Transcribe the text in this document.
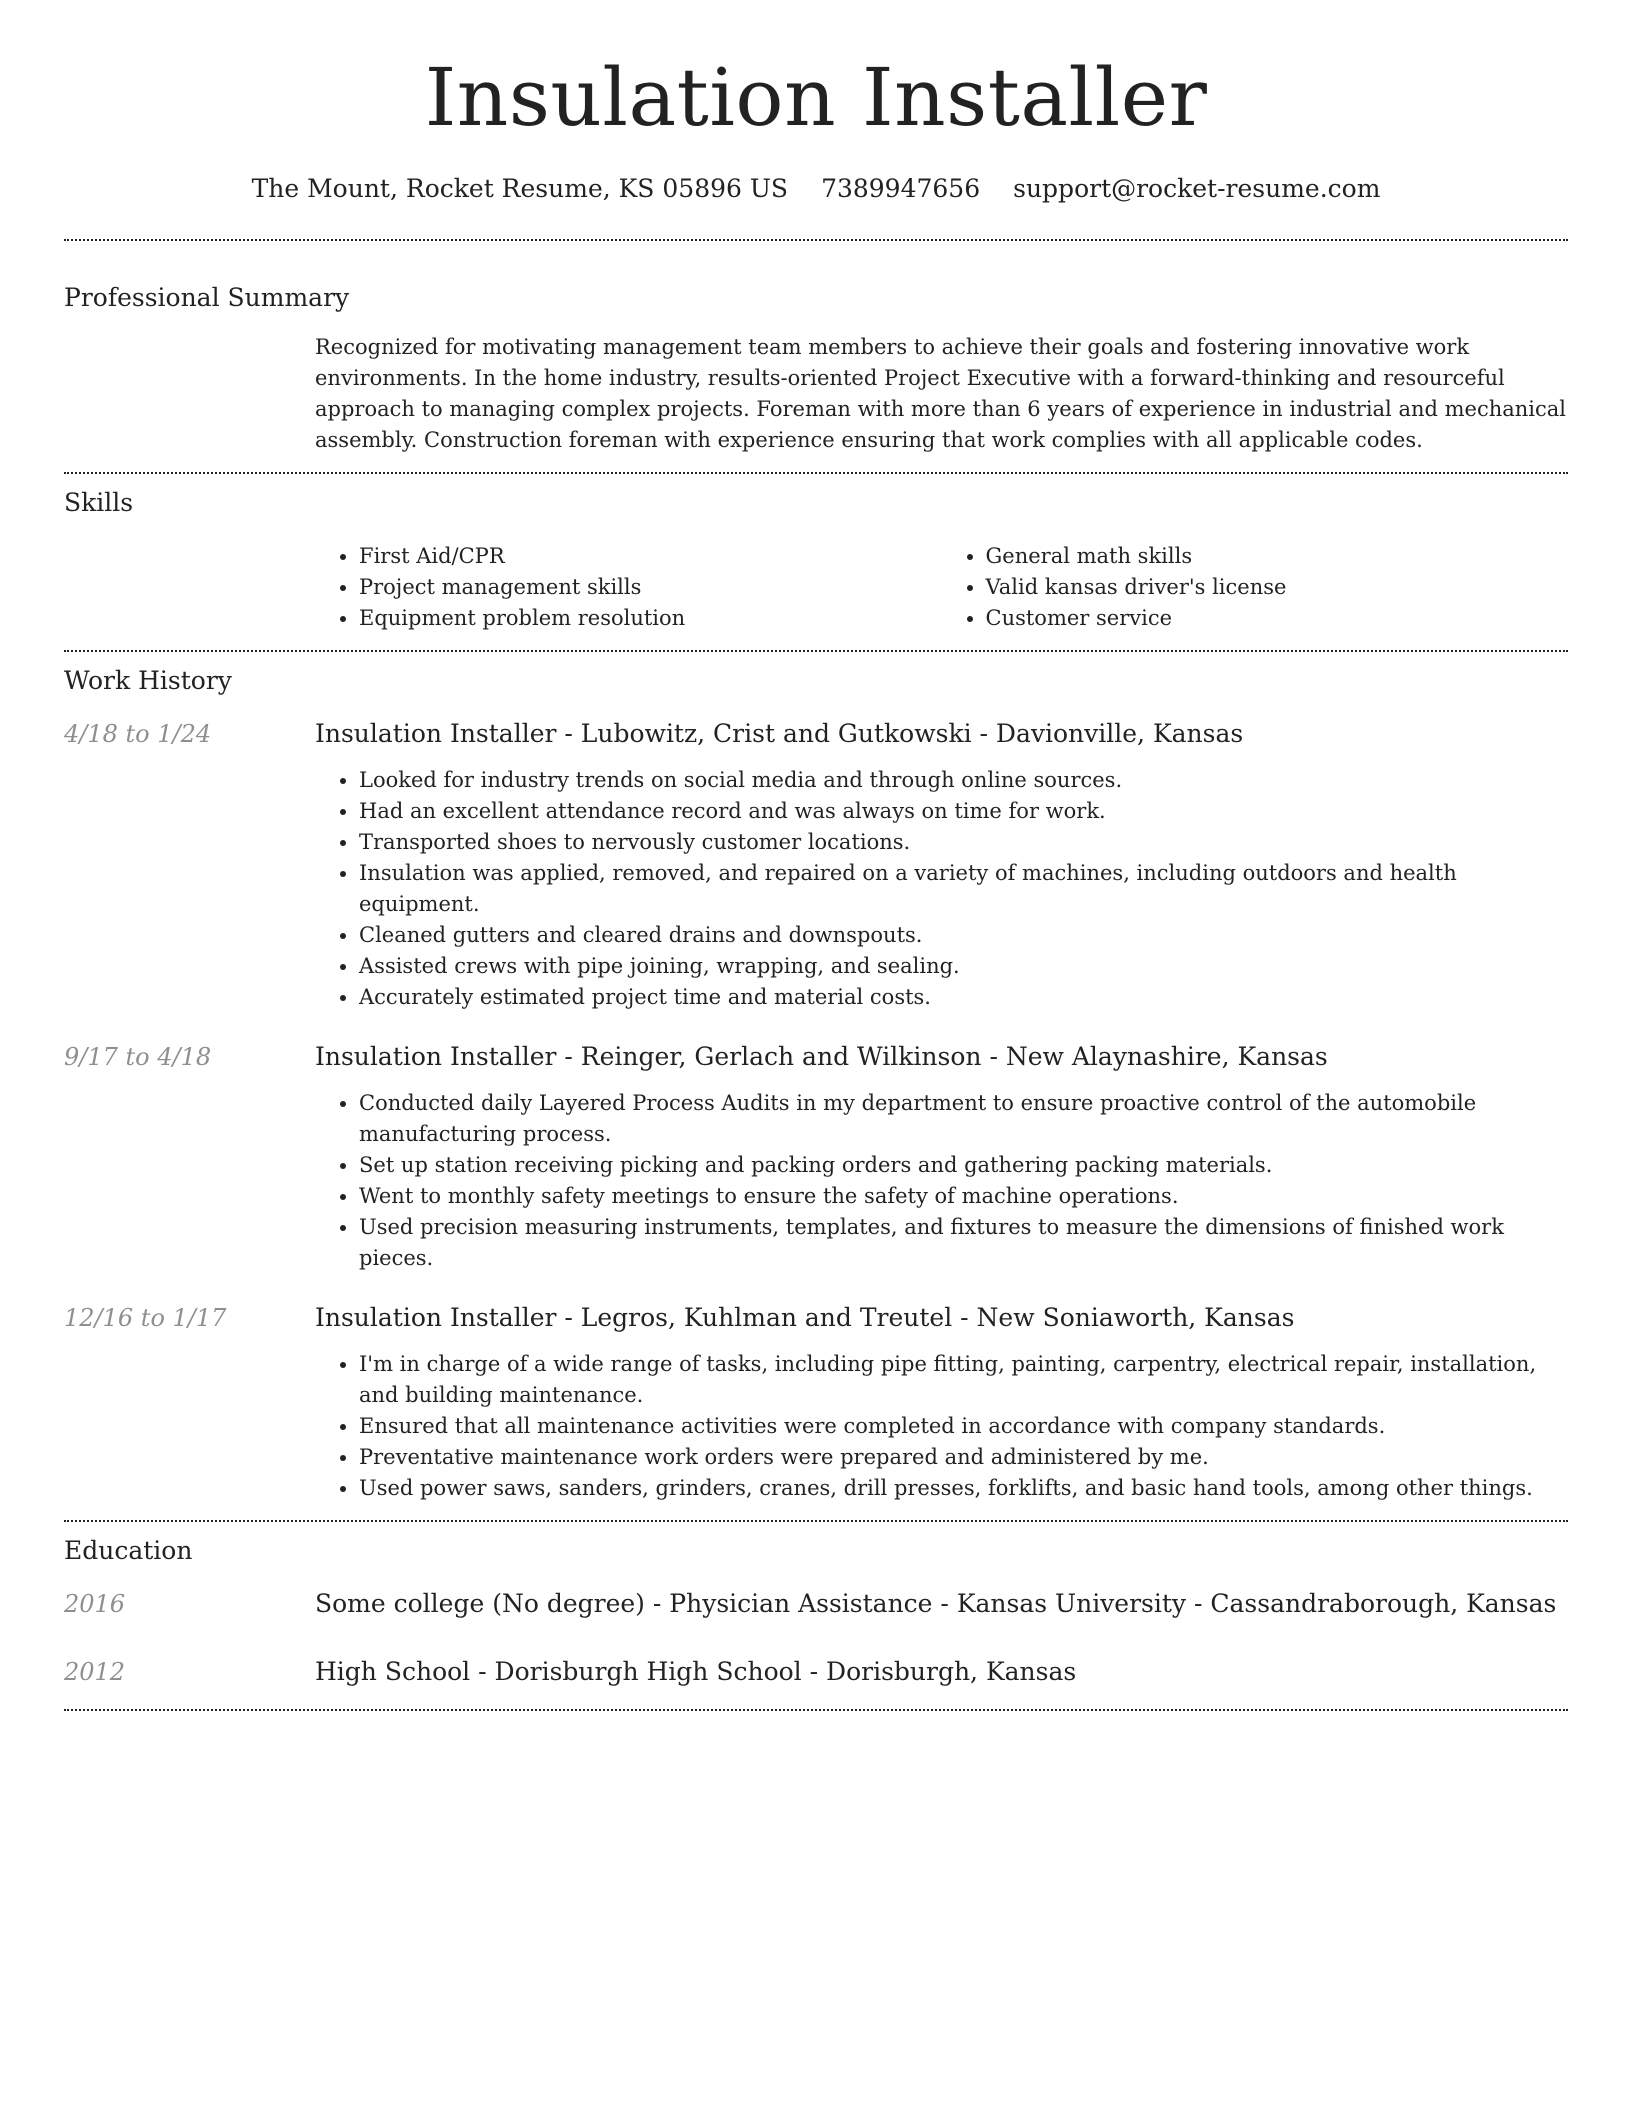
Insulation Installer
The Mount, Rocket Resume, KS 05896 US 7389947656 support@rocket-resume.com
Professional Summary

Recognized for motivating management team members to achieve their goals and fostering innovative work environments. In the home industry, results-oriented Project Executive with a forward-thinking and resourceful approach to managing complex projects. Foreman with more than 6 years of experience in industrial and mechanical assembly. Construction foreman with experience ensuring that work complies with all applicable codes.

Skills
• First Aid/CPR
• Project management skills
• Equipment problem resolution
• General math skills
• Valid kansas driver's license
• Customer service
Work History
4/18 to 1/24	Insulation Installer - Lubowitz, Crist and Gutkowski - Davionville, Kansas
• Looked for industry trends on social media and through online sources.
• Had an excellent attendance record and was always on time for work.
• Transported shoes to nervously customer locations.
• Insulation was applied, removed, and repaired on a variety of machines, including outdoors and health equipment.
• Cleaned gutters and cleared drains and downspouts.
• Assisted crews with pipe joining, wrapping, and sealing.
• Accurately estimated project time and material costs.
9/17 to 4/18	Insulation Installer - Reinger, Gerlach and Wilkinson - New Alaynashire, Kansas
• Conducted daily Layered Process Audits in my department to ensure proactive control of the automobile manufacturing process.
• Set up station receiving picking and packing orders and gathering packing materials.
• Went to monthly safety meetings to ensure the safety of machine operations.
• Used precision measuring instruments, templates, and fixtures to measure the dimensions of finished work pieces.
12/16 to 1/17	Insulation Installer - Legros, Kuhlman and Treutel - New Soniaworth, Kansas
• I'm in charge of a wide range of tasks, including pipe fitting, painting, carpentry, electrical repair, installation, and building maintenance.
• Ensured that all maintenance activities were completed in accordance with company standards.
• Preventative maintenance work orders were prepared and administered by me.
• Used power saws, sanders, grinders, cranes, drill presses, forklifts, and basic hand tools, among other things.
Education
2016	Some college (No degree) - Physician Assistance - Kansas University - Cassandraborough, Kansas
2012	High School - Dorisburgh High School - Dorisburgh, Kansas
